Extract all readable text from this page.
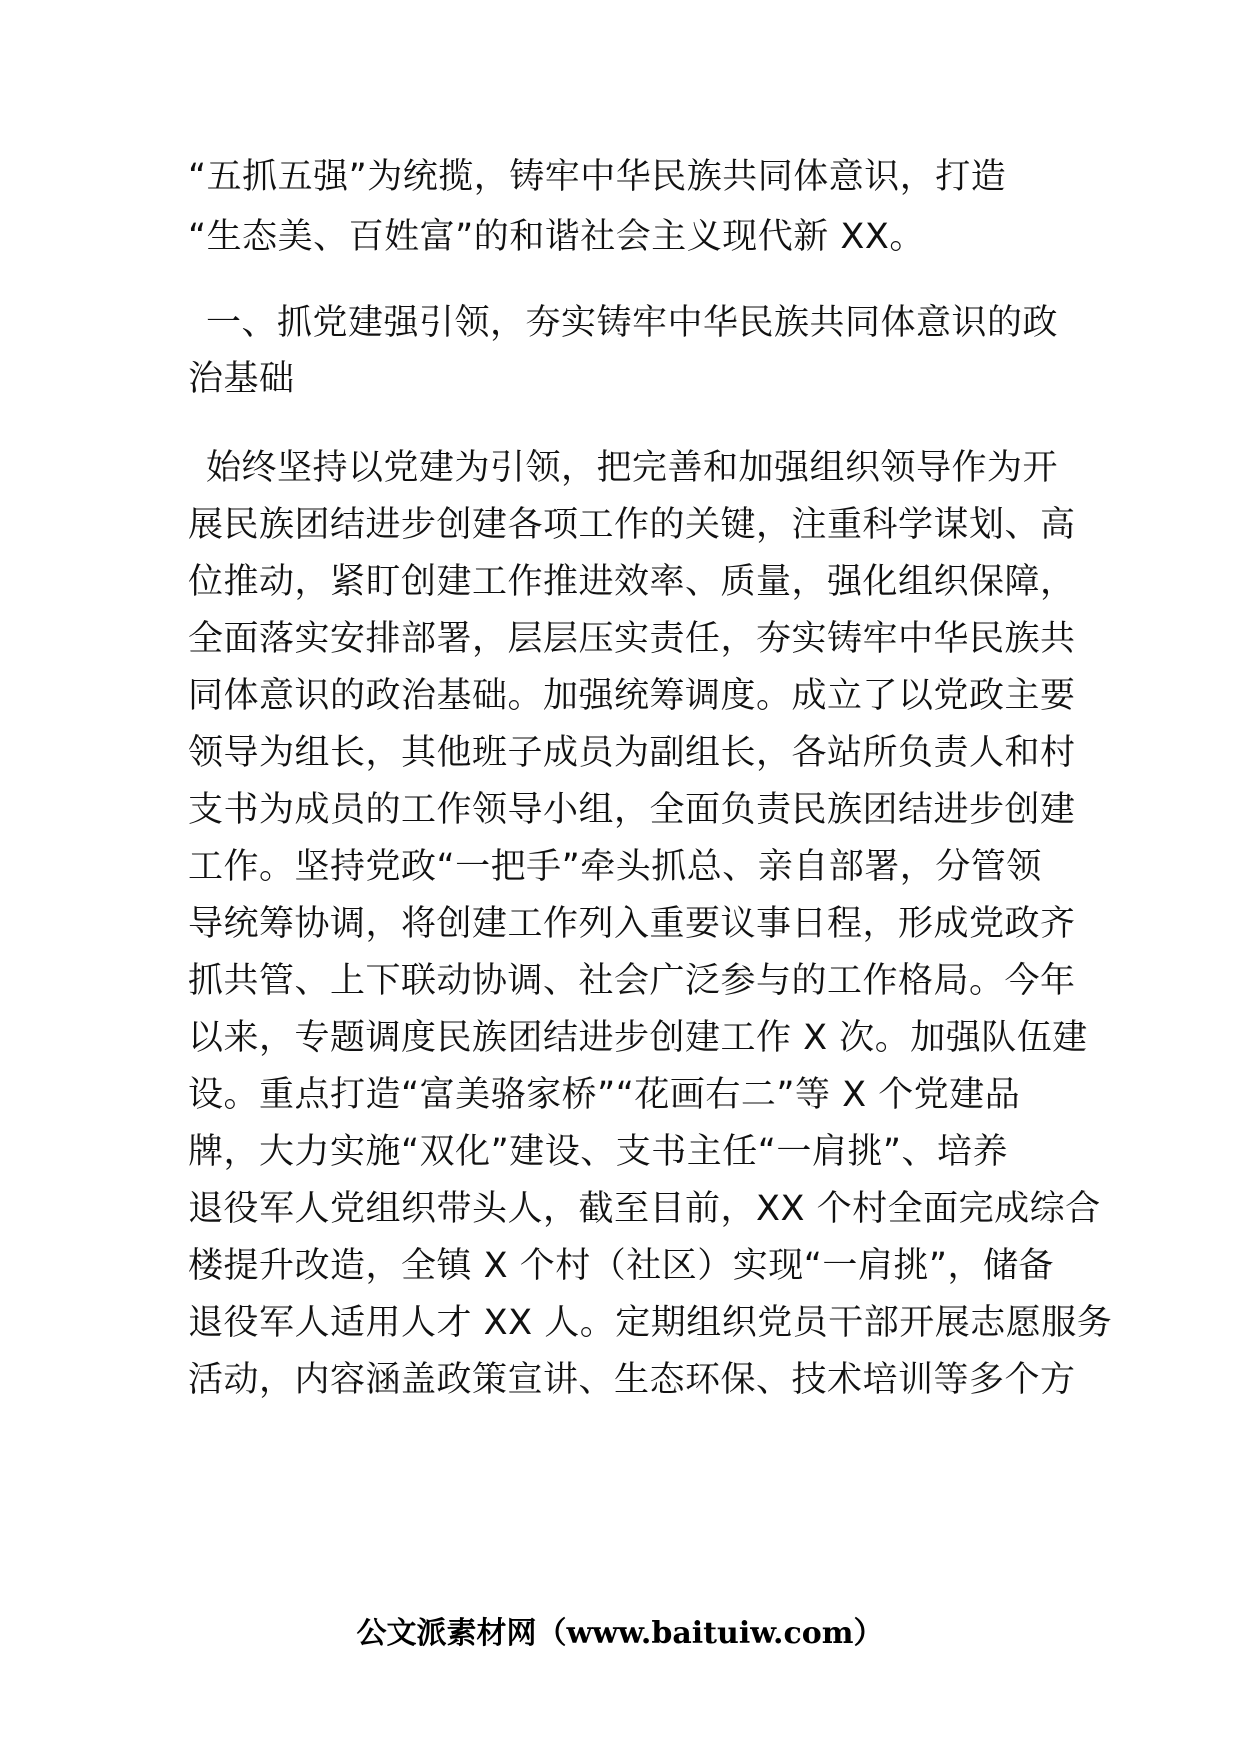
“五抓五强”为统揽，铸牢中华民族共同体意识，打造
“生态美、百姓富”的和谐社会主义现代新 XX。
一、抓党建强引领，夯实铸牢中华民族共同体意识的政
治基础
始终坚持以党建为引领，把完善和加强组织领导作为开
展民族团结进步创建各项工作的关键，注重科学谋划、高
位推动，紧盯创建工作推进效率、质量，强化组织保障，
全面落实安排部署，层层压实责任，夯实铸牢中华民族共
同体意识的政治基础。加强统筹调度。成立了以党政主要
领导为组长，其他班子成员为副组长，各站所负责人和村
支书为成员的工作领导小组，全面负责民族团结进步创建
工作。坚持党政“一把手”牵头抓总、亲自部署，分管领
导统筹协调，将创建工作列入重要议事日程，形成党政齐
抓共管、上下联动协调、社会广泛参与的工作格局。今年
以来，专题调度民族团结进步创建工作 X 次。加强队伍建
设。重点打造“富美骆家桥”“花画右二”等 X 个党建品
牌，大力实施“双化”建设、支书主任“一肩挑”、培养
退役军人党组织带头人，截至目前，XX 个村全面完成综合
楼提升改造，全镇 X 个村（社区）实现“一肩挑”，储备
退役军人适用人才 XX 人。定期组织党员干部开展志愿服务
活动，内容涵盖政策宣讲、生态环保、技术培训等多个方
公文派素材网（www.baituiw.com）
